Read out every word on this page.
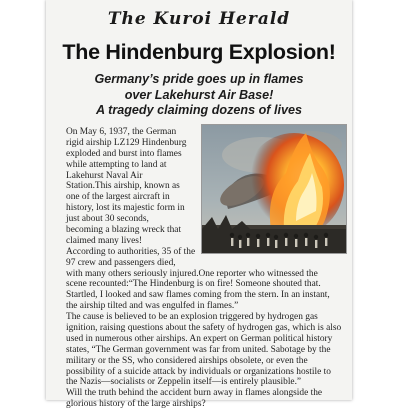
The Kuroi Herald
The Hindenburg Explosion!
Germany’s pride goes up in flames
over Lakehurst Air Base!
A tragedy claiming dozens of lives
On May 6, 1937, the German
rigid airship LZ129 Hindenburg
exploded and burst into flames
while attempting to land at
Lakehurst Naval Air
Station.This airship, known as
one of the largest aircraft in
history, lost its majestic form in
just about 30 seconds,
becoming a blazing wreck that
claimed many lives!
According to authorities, 35 of the
97 crew and passengers died,
with many others seriously injured.One reporter who witnessed the
scene recounted:“The Hindenburg is on fire! Someone shouted that.
Startled, I looked and saw flames coming from the stern. In an instant,
the airship tilted and was engulfed in flames.”
The cause is believed to be an explosion triggered by hydrogen gas
ignition, raising questions about the safety of hydrogen gas, which is also
used in numerous other airships. An expert on German political history
states, “The German government was far from united. Sabotage by the
military or the SS, who considered airships obsolete, or even the
possibility of a suicide attack by individuals or organizations hostile to
the Nazis—socialists or Zeppelin itself—is entirely plausible.”
Will the truth behind the accident burn away in flames alongside the
glorious history of the large airships?
